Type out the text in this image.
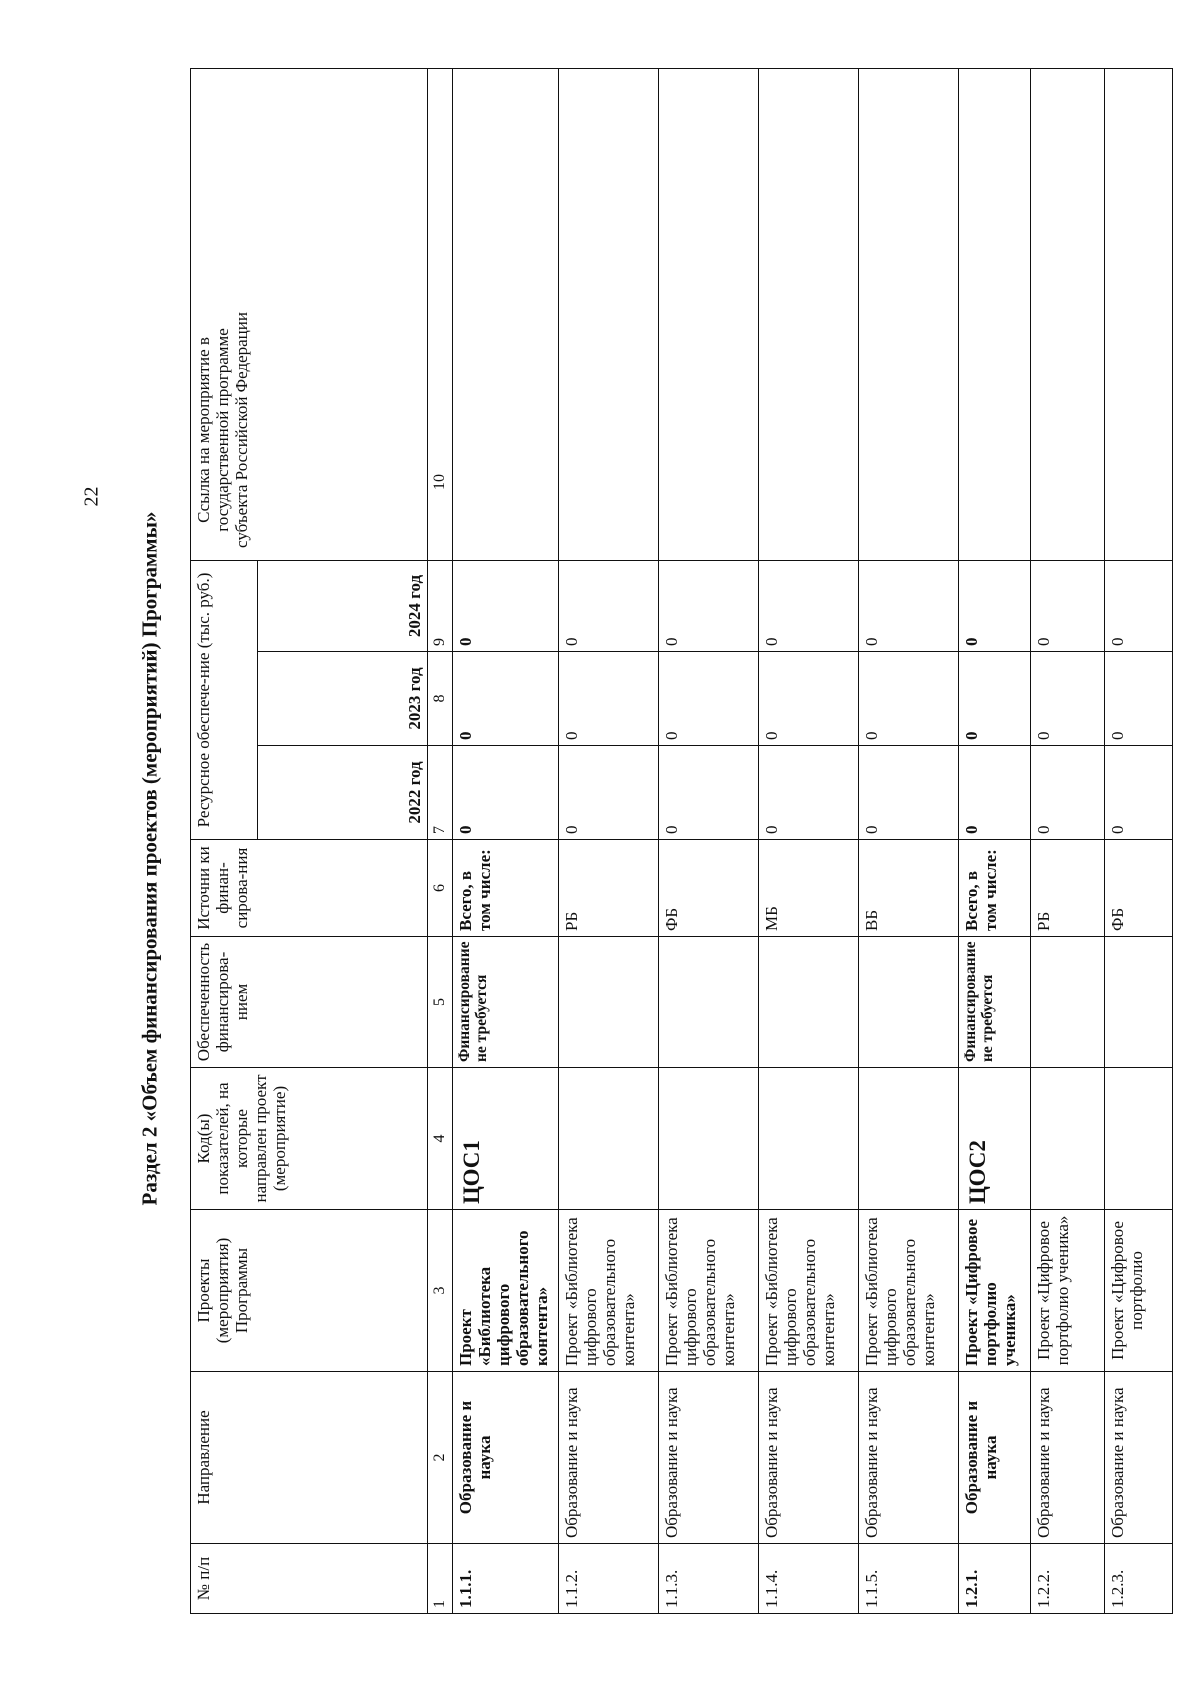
22
Раздел 2 «Объем финансирования проектов (мероприятий) Программы»
№ п/п	Направление	Проекты (мероприятия) Программы	Код(ы) показателей, на которые направлен проект (мероприятие)	Обеспеченность финансирова-нием	Источни ки финан-сирова-ния	Ресурсное обеспече-ние (тыс. руб.)			Ссылка на мероприятие в государственной программе субъекта Российской Федерации

						2022 год	2023 год	2024 год	
1	2	3	4	5	6	7	8	9	10
1.1.1.	Образование и наука	Проект «Библиотека цифрового образовательного контента»	ЦОС1	Финансирование не требуется	Всего, в том числе:	0	0	0	
1.1.2.	Образование и наука	Проект «Библиотека цифрового образовательного контента»			РБ	0	0	0	
1.1.3.	Образование и наука	Проект «Библиотека цифрового образовательного контента»			ФБ	0	0	0	
1.1.4.	Образование и наука	Проект «Библиотека цифрового образовательного контента»			МБ	0	0	0	
1.1.5.	Образование и наука	Проект «Библиотека цифрового образовательного контента»			ВБ	0	0	0	
1.2.1.	Образование и наука	Проект «Цифровое портфолио ученика»	ЦОС2	Финансирование не требуется	Всего, в том числе:	0	0	0	
1.2.2.	Образование и наука	Проект «Цифровое портфолио ученика»			РБ	0	0	0	
1.2.3.	Образование и наука	Проект «Цифровое портфолио			ФБ	0	0	0	
